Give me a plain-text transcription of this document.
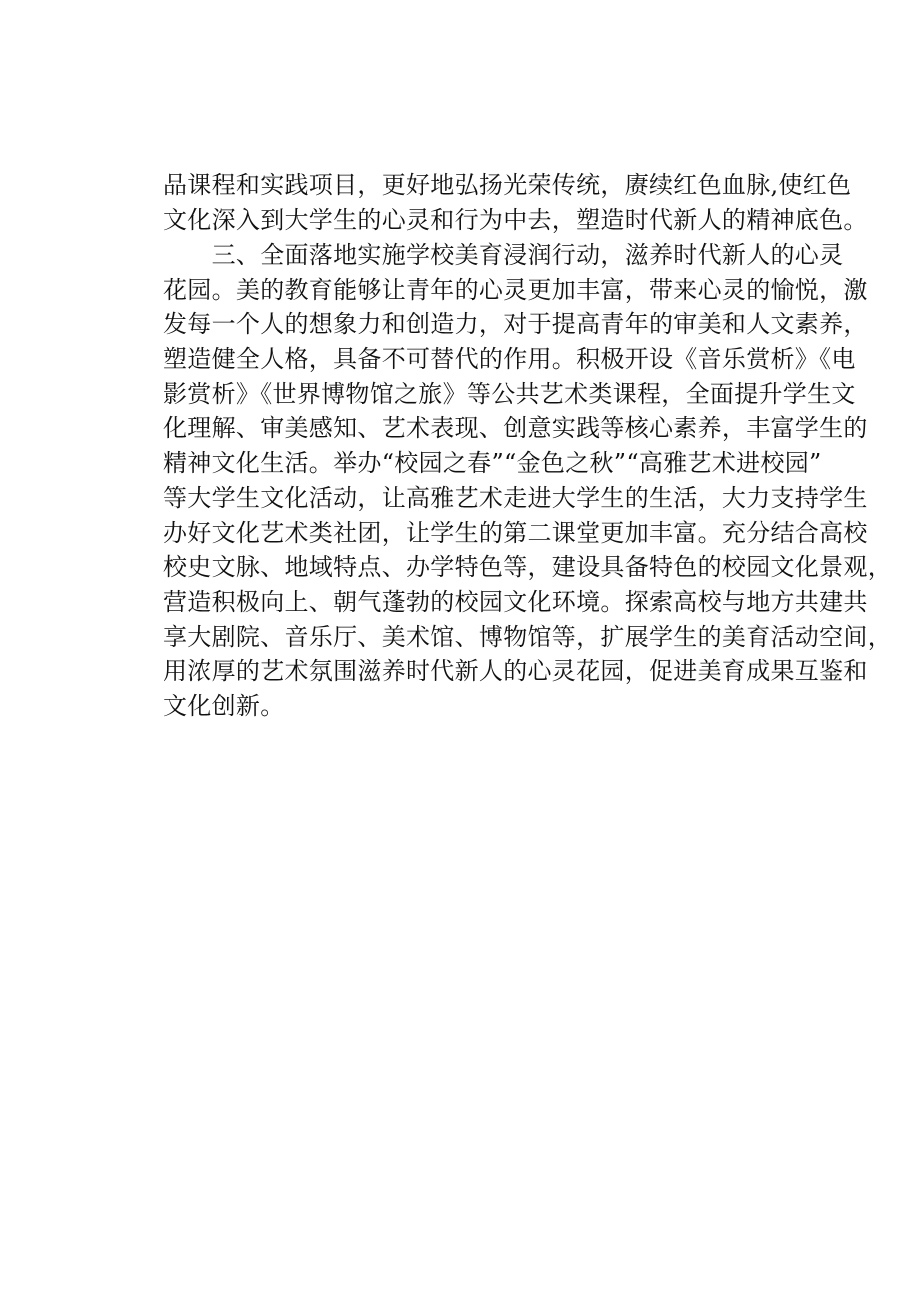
品课程和实践项目，更好地弘扬光荣传统，赓续红色血脉,使红色
文化深入到大学生的心灵和行为中去，塑造时代新人的精神底色。
　　三、全面落地实施学校美育浸润行动，滋养时代新人的心灵
花园。美的教育能够让青年的心灵更加丰富，带来心灵的愉悦，激
发每一个人的想象力和创造力，对于提高青年的审美和人文素养，
塑造健全人格，具备不可替代的作用。积极开设《音乐赏析》《电
影赏析》《世界博物馆之旅》等公共艺术类课程，全面提升学生文
化理解、审美感知、艺术表现、创意实践等核心素养，丰富学生的
精神文化生活。举办“校园之春”“金色之秋”“高雅艺术进校园”
等大学生文化活动，让高雅艺术走进大学生的生活，大力支持学生
办好文化艺术类社团，让学生的第二课堂更加丰富。充分结合高校
校史文脉、地域特点、办学特色等，建设具备特色的校园文化景观，
营造积极向上、朝气蓬勃的校园文化环境。探索高校与地方共建共
享大剧院、音乐厅、美术馆、博物馆等，扩展学生的美育活动空间，
用浓厚的艺术氛围滋养时代新人的心灵花园，促进美育成果互鉴和
文化创新。
